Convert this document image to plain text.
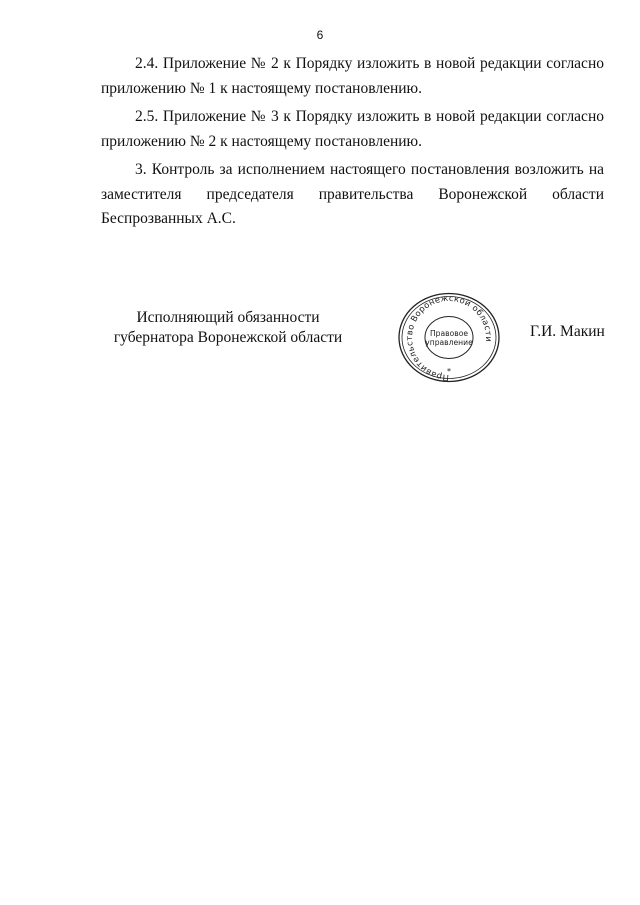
6

2.4. Приложение № 2 к Порядку изложить в новой редакции согласно приложению № 1 к настоящему постановлению.

2.5. Приложение № 3 к Порядку изложить в новой редакции согласно приложению № 2 к настоящему постановлению.

3. Контроль за исполнением настоящего постановления возложить на заместителя председателя правительства Воронежской области Беспрозванных А.С.

Исполняющий обязанности
губернатора Воронежской области
Правительство Воронежской области
Правовое
управление
*
Г.И. Макин
